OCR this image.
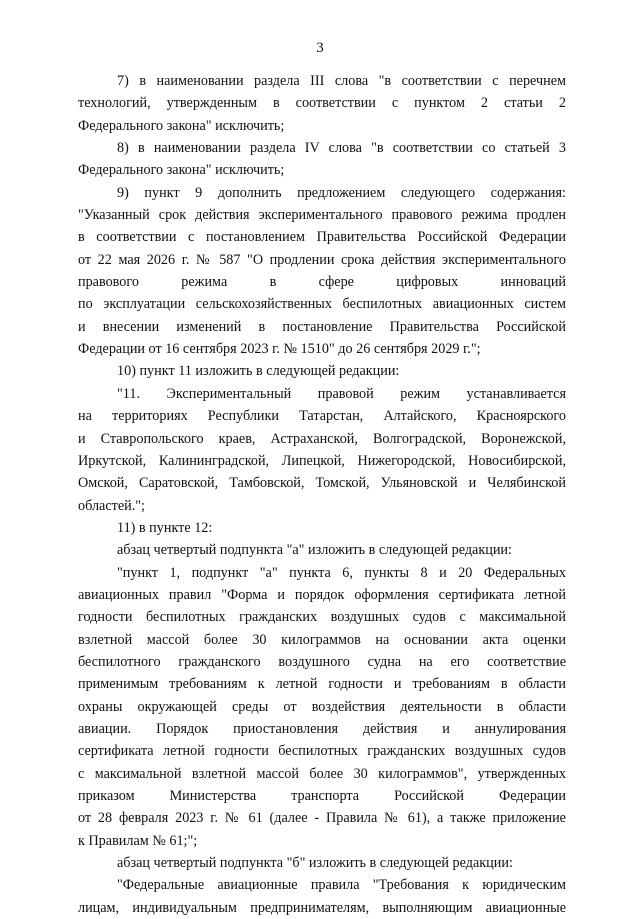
3
7) в наименовании раздела III слова "в соответствии с перечнем
технологий, утвержденным в соответствии с пунктом 2 статьи 2
Федерального закона" исключить;
8) в наименовании раздела IV слова "в соответствии со статьей 3
Федерального закона" исключить;
9) пункт 9 дополнить предложением следующего содержания:
"Указанный срок действия экспериментального правового режима продлен
в соответствии с постановлением Правительства Российской Федерации
от 22 мая 2026 г. № 587 "О продлении срока действия экспериментального
правового режима в сфере цифровых инноваций
по эксплуатации сельскохозяйственных беспилотных авиационных систем
и внесении изменений в постановление Правительства Российской
Федерации от 16 сентября 2023 г. № 1510" до 26 сентября 2029 г.";
10) пункт 11 изложить в следующей редакции:
"11. Экспериментальный правовой режим устанавливается
на территориях Республики Татарстан, Алтайского, Красноярского
и Ставропольского краев, Астраханской, Волгоградской, Воронежской,
Иркутской, Калининградской, Липецкой, Нижегородской, Новосибирской,
Омской, Саратовской, Тамбовской, Томской, Ульяновской и Челябинской
областей.";
11) в пункте 12:
абзац четвертый подпункта "а" изложить в следующей редакции:
"пункт 1, подпункт "а" пункта 6, пункты 8 и 20 Федеральных
авиационных правил "Форма и порядок оформления сертификата летной
годности беспилотных гражданских воздушных судов с максимальной
взлетной массой более 30 килограммов на основании акта оценки
беспилотного гражданского воздушного судна на его соответствие
применимым требованиям к летной годности и требованиям в области
охраны окружающей среды от воздействия деятельности в области
авиации. Порядок приостановления действия и аннулирования
сертификата летной годности беспилотных гражданских воздушных судов
с максимальной взлетной массой более 30 килограммов", утвержденных
приказом Министерства транспорта Российской Федерации
от 28 февраля 2023 г. № 61 (далее - Правила № 61), а также приложение
к Правилам № 61;";
абзац четвертый подпункта "б" изложить в следующей редакции:
"Федеральные авиационные правила "Требования к юридическим
лицам, индивидуальным предпринимателям, выполняющим авиационные
